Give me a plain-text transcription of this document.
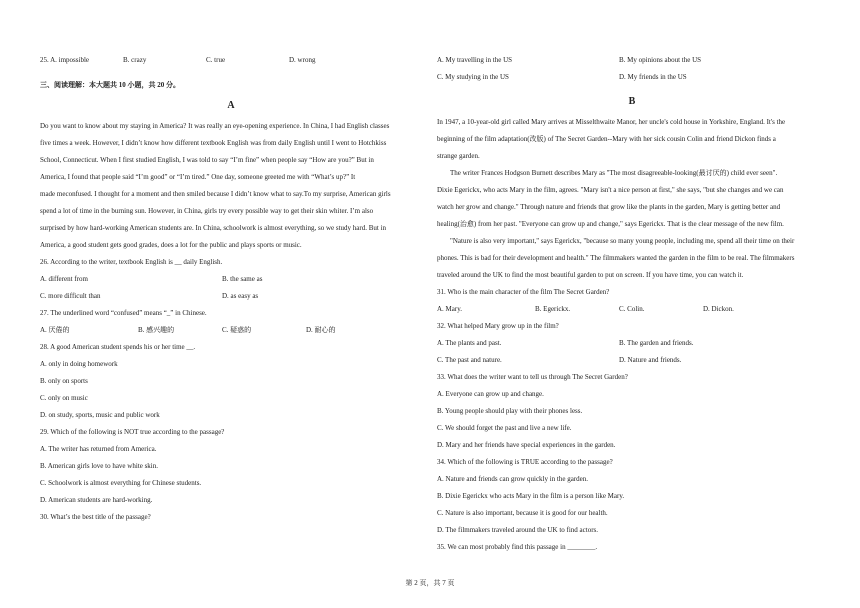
25. A. impossible	B. crazy	C. true	D. wrong
三、阅读理解：本大题共 10 小题，共 20 分。
A
Do you want to know about my staying in America? It was really an eye-opening experience. In China, I had English classes
five times a week. However, I didn’t know how different textbook English was from daily English until I went to Hotchkiss
School, Connecticut. When I first studied English, I was told to say “I’m fine” when people say “How are you?” But in
America, I found that people said “I’m good” or “I’m tired.” One day, someone greeted me with “What’s up?” It
made meconfused. I thought for a moment and then smiled because I didn’t know what to say.To my surprise, American girls
spend a lot of time in the burning sun. However, in China, girls try every possible way to get their skin whiter. I’m also
surprised by how hard-working American students are. In China, schoolwork is almost everything, so we study hard. But in
America, a good student gets good grades, does a lot for the public and plays sports or music.
26. According to the writer, textbook English is __ daily English.
A. different from	B. the same as
C. more difficult than	D. as easy as
27. The underlined word “confused” means “_” in Chinese.
A. 厌倦的	B. 感兴趣的	C. 疑惑的	D. 耐心的
28. A good American student spends his or her time __.
A. only in doing homework
B. only on sports
C. only on music
D. on study, sports, music and public work
29. Which of the following is NOT true according to the passage?
A. The writer has returned from America.
B. American girls love to have white skin.
C. Schoolwork is almost everything for Chinese students.
D. American students are hard-working.
30. What’s the best title of the passage?
A. My travelling in the US	B. My opinions about the US
C. My studying in the US	D. My friends in the US
B
In 1947, a 10-year-old girl called Mary arrives at Misselthwaite Manor, her uncle's cold house in Yorkshire, England. It's the
beginning of the film adaptation(改版) of The Secret Garden--Mary with her sick cousin Colin and friend Dickon finds a
strange garden.
The writer Frances Hodgson Burnett describes Mary as "The most disagreeable-looking(最讨厌的) child ever seen".
Dixie Egerickx, who acts Mary in the film, agrees. "Mary isn't a nice person at first," she says, "but she changes and we can
watch her grow and change." Through nature and friends that grow like the plants in the garden, Mary is getting better and
healing(治愈) from her past. "Everyone can grow up and change," says Egerickx. That is the clear message of the new film.
"Nature is also very important," says Egerickx, "because so many young people, including me, spend all their time on their
phones. This is bad for their development and health." The filmmakers wanted the garden in the film to be real. The filmmakers
traveled around the UK to find the most beautiful garden to put on screen. If you have time, you can watch it.
31. Who is the main character of the film The Secret Garden?
A. Mary.	B. Egerickx.	C. Colin.	D. Dickon.
32. What helped Mary grow up in the film?
A. The plants and past.	B. The garden and friends.
C. The past and nature.	D. Nature and friends.
33. What does the writer want to tell us through The Secret Garden?
A. Everyone can grow up and change.
B. Young people should play with their phones less.
C. We should forget the past and live a new life.
D. Mary and her friends have special experiences in the garden.
34. Which of the following is TRUE according to the passage?
A. Nature and friends can grow quickly in the garden.
B. Dixie Egerickx who acts Mary in the film is a person like Mary.
C. Nature is also important, because it is good for our health.
D. The filmmakers traveled around the UK to find actors.
35. We can most probably find this passage in ________.
第 2 页，共 7 页
